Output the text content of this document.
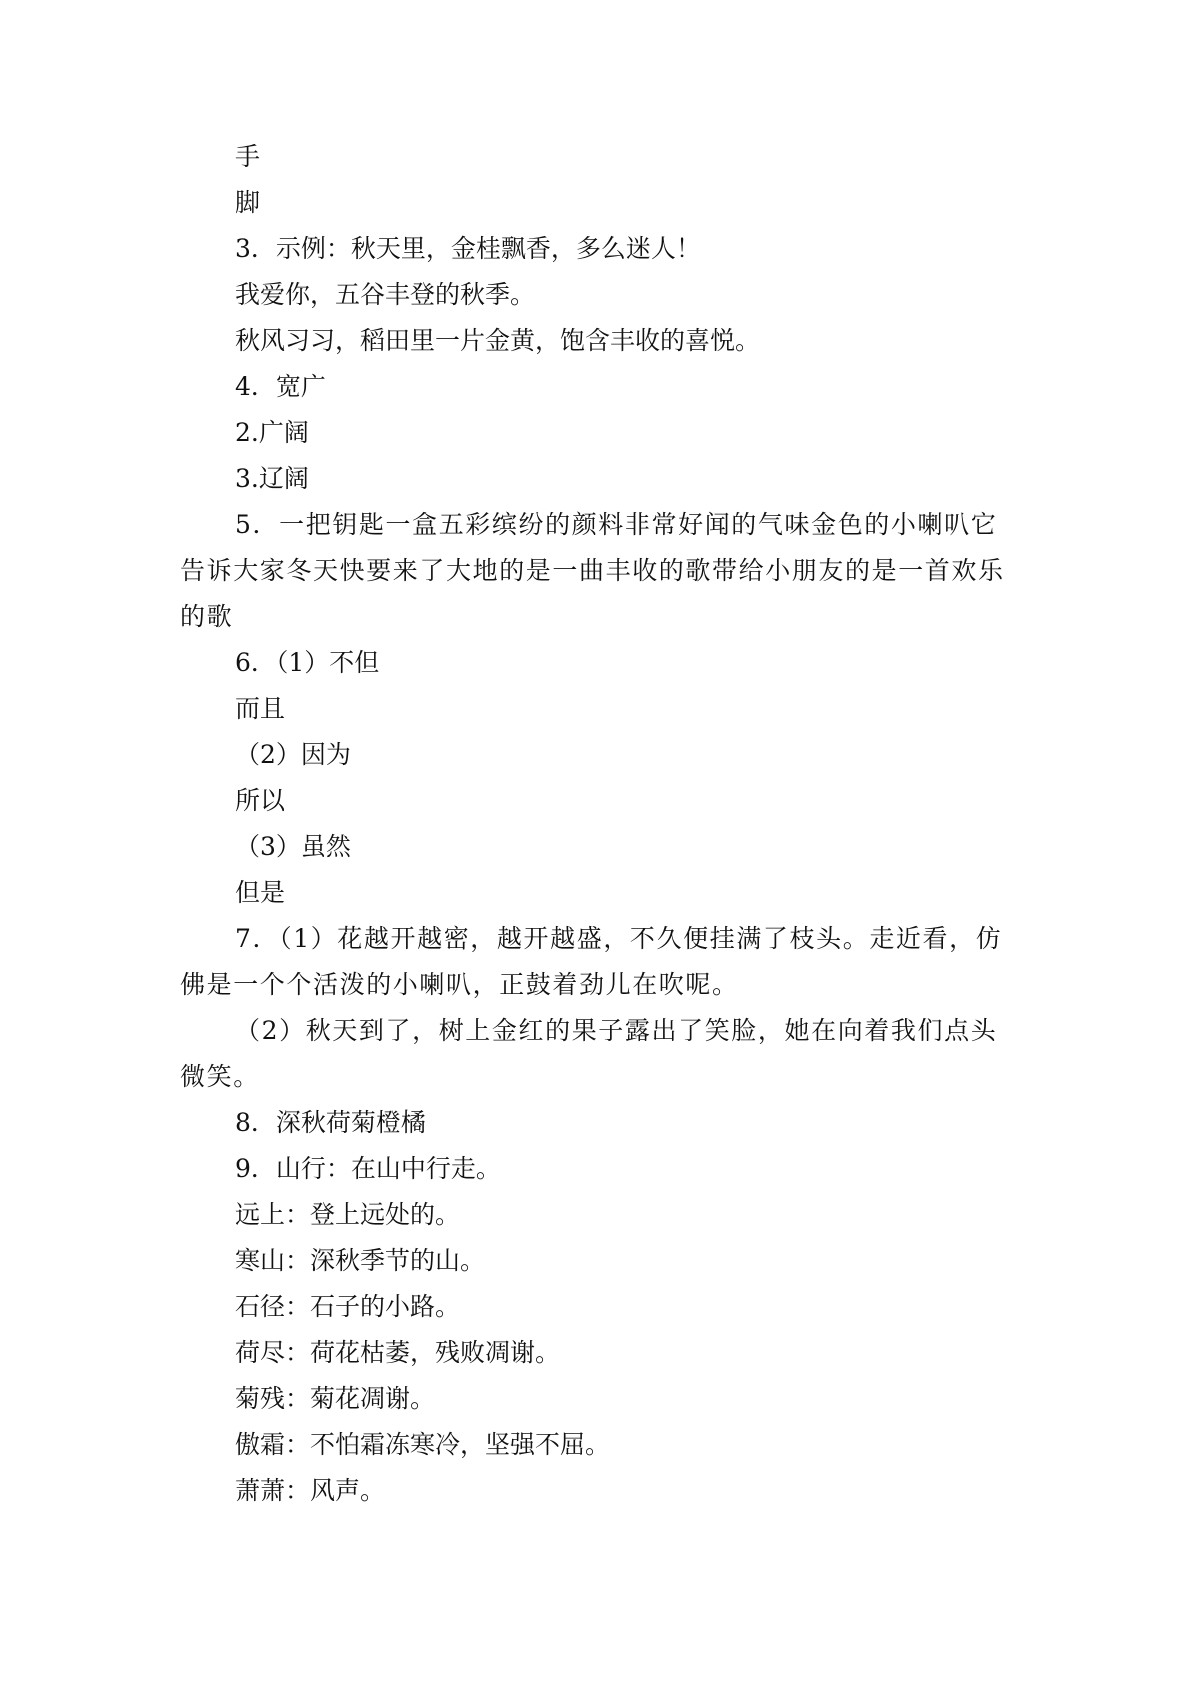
手
脚
3．示例：秋天里，金桂飘香，多么迷人！
我爱你，五谷丰登的秋季。
秋风习习，稻田里一片金黄，饱含丰收的喜悦。
4．宽广
2.广阔
3.辽阔

5．一把钥匙一盒五彩缤纷的颜料非常好闻的气味金色的小喇叭它告诉大家冬天快要来了大地的是一曲丰收的歌带给小朋友的是一首欢乐的歌

6．（1）不但
而且
（2）因为
所以
（3）虽然
但是

7．（1）花越开越密，越开越盛，不久便挂满了枝头。走近看，仿佛是一个个活泼的小喇叭，正鼓着劲儿在吹呢。

（2）秋天到了，树上金红的果子露出了笑脸，她在向着我们点头微笑。

8．深秋荷菊橙橘
9．山行：在山中行走。
远上：登上远处的。
寒山：深秋季节的山。
石径：石子的小路。
荷尽：荷花枯萎，残败凋谢。
菊残：菊花凋谢。
傲霜：不怕霜冻寒冷，坚强不屈。
萧萧：风声。
